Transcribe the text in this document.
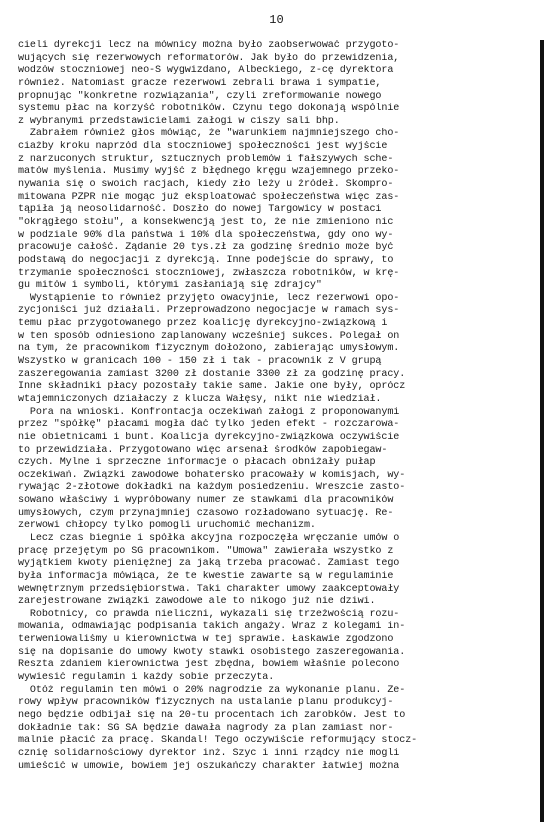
10
cieli dyrekcji lecz na mównicy można było zaobserwować przygoto-
wujących się rezerwowych reformatorów. Jak było do przewidzenia,
wodzów stoczniowej neo-S wygwizdano, Albeckiego, z-cę dyrektora
również. Natomiast gracze rezerwowi zebrali brawa i sympatie,
propnując "konkretne rozwiązania", czyli zreformowanie nowego
systemu płac na korzyść robotników. Czynu tego dokonają wspólnie
z wybranymi przedstawicielami załogi w ciszy sali bhp.
Zabrałem również głos mówiąc, że "warunkiem najmniejszego cho-
ciażby kroku naprzód dla stoczniowej społeczności jest wyjście
z narzuconych struktur, sztucznych problemów i fałszywych sche-
matów myślenia. Musimy wyjść z błędnego kręgu wzajemnego przeko-
nywania się o swoich racjach, kiedy zło leży u źródeł. Skompro-
mitowana PZPR nie mogąc już eksploatować społeczeństwa więc zas-
tąpiła ją neosolidarność. Doszło do nowej Targowicy w postaci
"okrągłego stołu", a konsekwencją jest to, że nie zmieniono nic
w podziale 90% dla państwa i 10% dla społeczeństwa, gdy ono wy-
pracowuje całość. Żądanie 20 tys.zł za godzinę średnio może być
podstawą do negocjacji z dyrekcją. Inne podejście do sprawy, to
trzymanie społeczności stoczniowej, zwłaszcza robotników, w krę-
gu mitów i symboli, którymi zasłaniają się zdrajcy"
Wystąpienie to również przyjęto owacyjnie, lecz rezerwowi opo-
zycjoniści już działali. Przeprowadzono negocjacje w ramach sys-
temu płac przygotowanego przez koalicję dyrekcyjno-związkową i
w ten sposób odniesiono zaplanowany wcześniej sukces. Polegał on
na tym, że pracownikom fizycznym dołożono, zabierając umysłowym.
Wszystko w granicach 100 - 150 zł i tak - pracownik z V grupą
zaszeregowania zamiast 3200 zł dostanie 3300 zł za godzinę pracy.
Inne składniki płacy pozostały takie same. Jakie one były, oprócz
wtajemniczonych działaczy z klucza Wałęsy, nikt nie wiedział.
Pora na wnioski. Konfrontacja oczekiwań załogi z proponowanymi
przez "spółkę" płacami mogła dać tylko jeden efekt - rozczarowa-
nie obietnicami i bunt. Koalicja dyrekcyjno-związkowa oczywiście
to przewidziała. Przygotowano więc arsenał środków zapobiegaw-
czych. Mylne i sprzeczne informacje o płacach obniżały pułap
oczekiwań. Związki zawodowe bohatersko pracowały w komisjach, wy-
rywając 2-złotowe dokładki na każdym posiedzeniu. Wreszcie zasto-
sowano właściwy i wypróbowany numer ze stawkami dla pracowników
umysłowych, czym przynajmniej czasowo rozładowano sytuację. Re-
zerwowi chłopcy tylko pomogli uruchomić mechanizm.
Lecz czas biegnie i spółka akcyjna rozpoczęła wręczanie umów o
pracę przejętym po SG pracownikom. "Umowa" zawierała wszystko z
wyjątkiem kwoty pieniężnej za jaką trzeba pracować. Zamiast tego
była informacja mówiąca, że te kwestie zawarte są w regulaminie
wewnętrznym przedsiębiorstwa. Taki charakter umowy zaakceptowały
zarejestrowane związki zawodowe ale to nikogo już nie dziwi.
Robotnicy, co prawda nieliczni, wykazali się trzeźwością rozu-
mowania, odmawiając podpisania takich angaży. Wraz z kolegami in-
terweniowaliśmy u kierownictwa w tej sprawie. Łaskawie zgodzono
się na dopisanie do umowy kwoty stawki osobistego zaszeregowania.
Reszta zdaniem kierownictwa jest zbędna, bowiem właśnie polecono
wywiesić regulamin i każdy sobie przeczyta.
Otóż regulamin ten mówi o 20% nagrodzie za wykonanie planu. Ze-
rowy wpływ pracowników fizycznych na ustalanie planu produkcyj-
nego będzie odbijał się na 20-tu procentach ich zarobków. Jest to
dokładnie tak: SG SA będzie dawała nagrody za plan zamiast nor-
malnie płacić za pracę. Skandal! Tego oczywiście reformujący stocz-
cznię solidarnościowy dyrektor inż. Szyc i inni rządcy nie mogli
umieścić w umowie, bowiem jej oszukańczy charakter łatwiej można
